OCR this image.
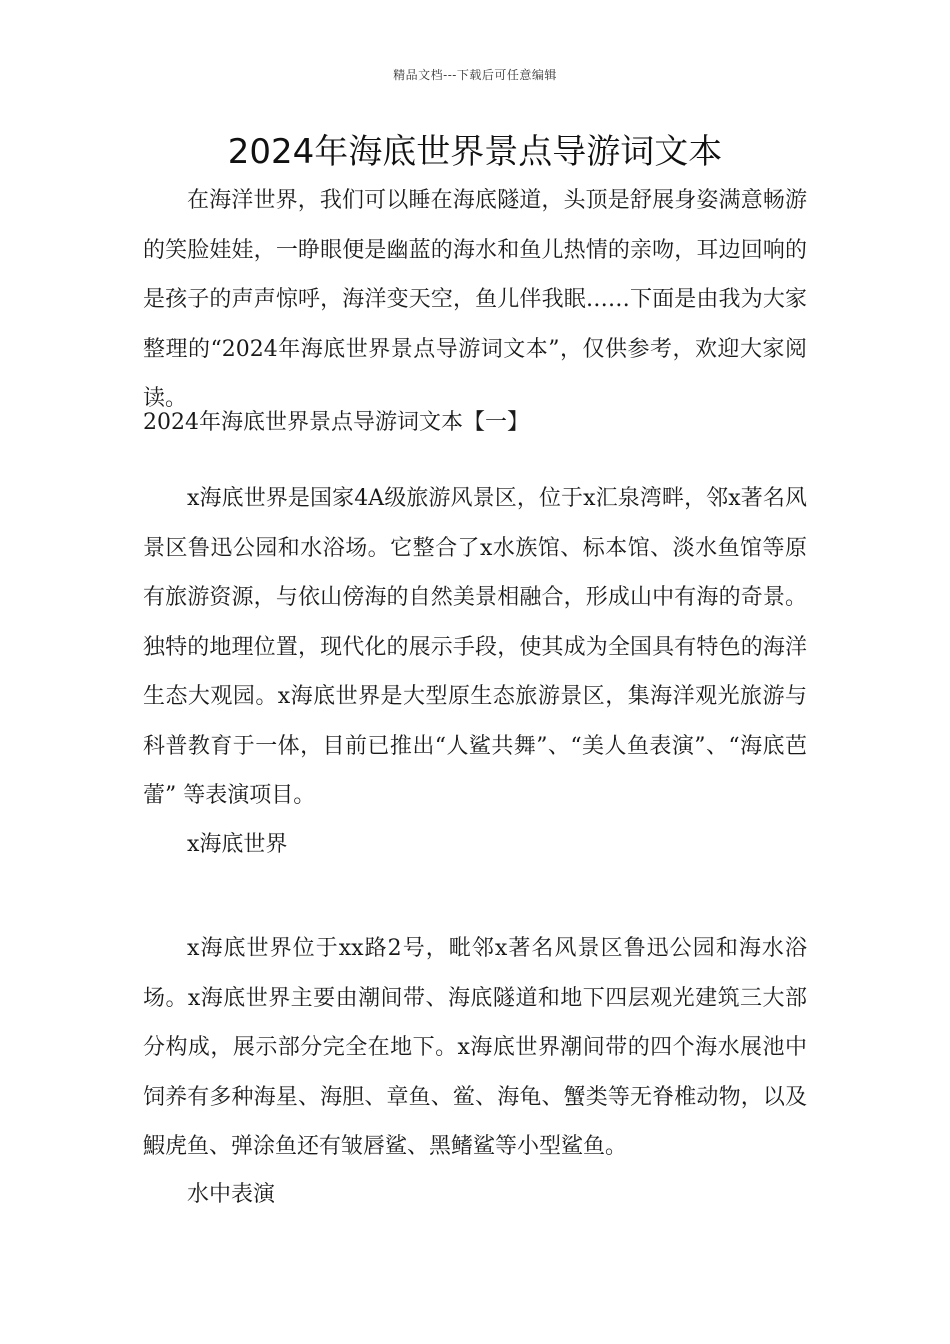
精品文档---下载后可任意编辑
2024年海底世界景点导游词文本

在海洋世界，我们可以睡在海底隧道，头顶是舒展身姿满意畅游的笑脸娃娃，一睁眼便是幽蓝的海水和鱼儿热情的亲吻，耳边回响的是孩子的声声惊呼，海洋变天空，鱼儿伴我眠……下面是由我为大家整理的“2024年海底世界景点导游词文本”，仅供参考，欢迎大家阅读。

2024年海底世界景点导游词文本【一】

x海底世界是国家4A级旅游风景区，位于x汇泉湾畔，邻x著名风景区鲁迅公园和水浴场。它整合了x水族馆、标本馆、淡水鱼馆等原有旅游资源，与依山傍海的自然美景相融合，形成山中有海的奇景。独特的地理位置，现代化的展示手段，使其成为全国具有特色的海洋生态大观园。x海底世界是大型原生态旅游景区，集海洋观光旅游与科普教育于一体，目前已推出“人鲨共舞”、“美人鱼表演”、“海底芭蕾” 等表演项目。

x海底世界

x海底世界位于xx路2号，毗邻x著名风景区鲁迅公园和海水浴场。x海底世界主要由潮间带、海底隧道和地下四层观光建筑三大部分构成，展示部分完全在地下。x海底世界潮间带的四个海水展池中饲养有多种海星、海胆、章鱼、鲎、海龟、蟹类等无脊椎动物，以及鰕虎鱼、弹涂鱼还有皱唇鲨、黑鳍鲨等小型鲨鱼。

水中表演
